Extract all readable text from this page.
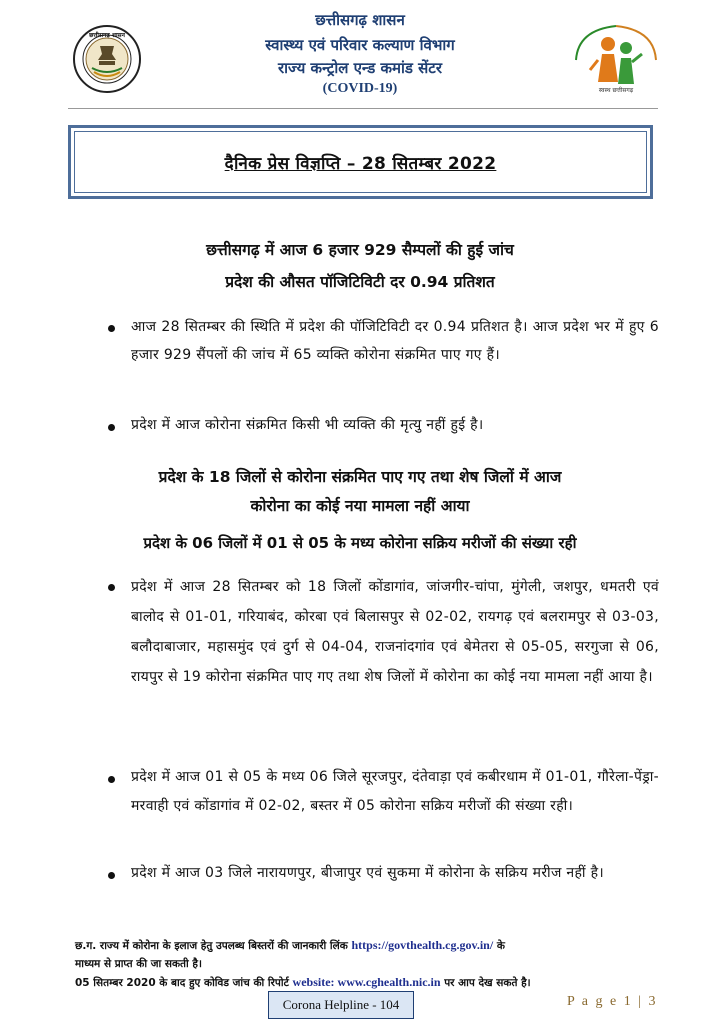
छत्तीसगढ़ शासन
छत्तीसगढ़ शासन
स्वास्थ्य एवं परिवार कल्याण विभाग
राज्य कन्ट्रोल एन्ड कमांड सेंटर
(COVID-19)	स्वस्थ छत्तीसगढ़
दैनिक प्रेस विज्ञप्ति – 28 सितम्बर 2022
छत्तीसगढ़ में आज 6 हजार 929 सैम्पलों की हुई जांच
प्रदेश की औसत पॉजिटिविटी दर 0.94 प्रतिशत
आज 28 सितम्बर की स्थिति में प्रदेश की पॉजिटिविटी दर 0.94 प्रतिशत है। आज प्रदेश भर में हुए 6 हजार 929 सैंपलों की जांच में 65 व्यक्ति कोरोना संक्रमित पाए गए हैं।
प्रदेश में आज कोरोना संक्रमित किसी भी व्यक्ति की मृत्यु नहीं हुई है।
प्रदेश के 18 जिलों से कोरोना संक्रमित पाए गए तथा शेष जिलों में आज
कोरोना का कोई नया मामला नहीं आया
प्रदेश के 06 जिलों में 01 से 05 के मध्य कोरोना सक्रिय मरीजों की संख्या रही
प्रदेश में आज 28 सितम्बर को 18 जिलों कोंडागांव, जांजगीर-चांपा, मुंगेली, जशपुर, धमतरी एवं बालोद से 01-01, गरियाबंद, कोरबा एवं बिलासपुर से 02-02, रायगढ़ एवं बलरामपुर से 03-03, बलौदाबाजार, महासमुंद एवं दुर्ग से 04-04, राजनांदगांव एवं बेमेतरा से 05-05, सरगुजा से 06, रायपुर से 19 कोरोना संक्रमित पाए गए तथा शेष जिलों में कोरोना का कोई नया मामला नहीं आया है।
प्रदेश में आज 01 से 05 के मध्य 06 जिले सूरजपुर, दंतेवाड़ा एवं कबीरधाम में 01-01, गौरेला-पेंड्रा-मरवाही एवं कोंडागांव में 02-02, बस्तर में 05 कोरोना सक्रिय मरीजों की संख्या रही।
प्रदेश में आज 03 जिले नारायणपुर, बीजापुर एवं सुकमा में कोरोना के सक्रिय मरीज नहीं है।
छ.ग. राज्य में कोरोना के इलाज हेतु उपलब्ध बिस्तरों की जानकारी लिंक https://govthealth.cg.gov.in/ के
माध्यम से प्राप्त की जा सकती है।
05 सितम्बर 2020 के बाद हुए कोविड जांच की रिपोर्ट website: www.cghealth.nic.in पर आप देख सकते है।
Corona Helpline - 104	P a g e 1 | 3
